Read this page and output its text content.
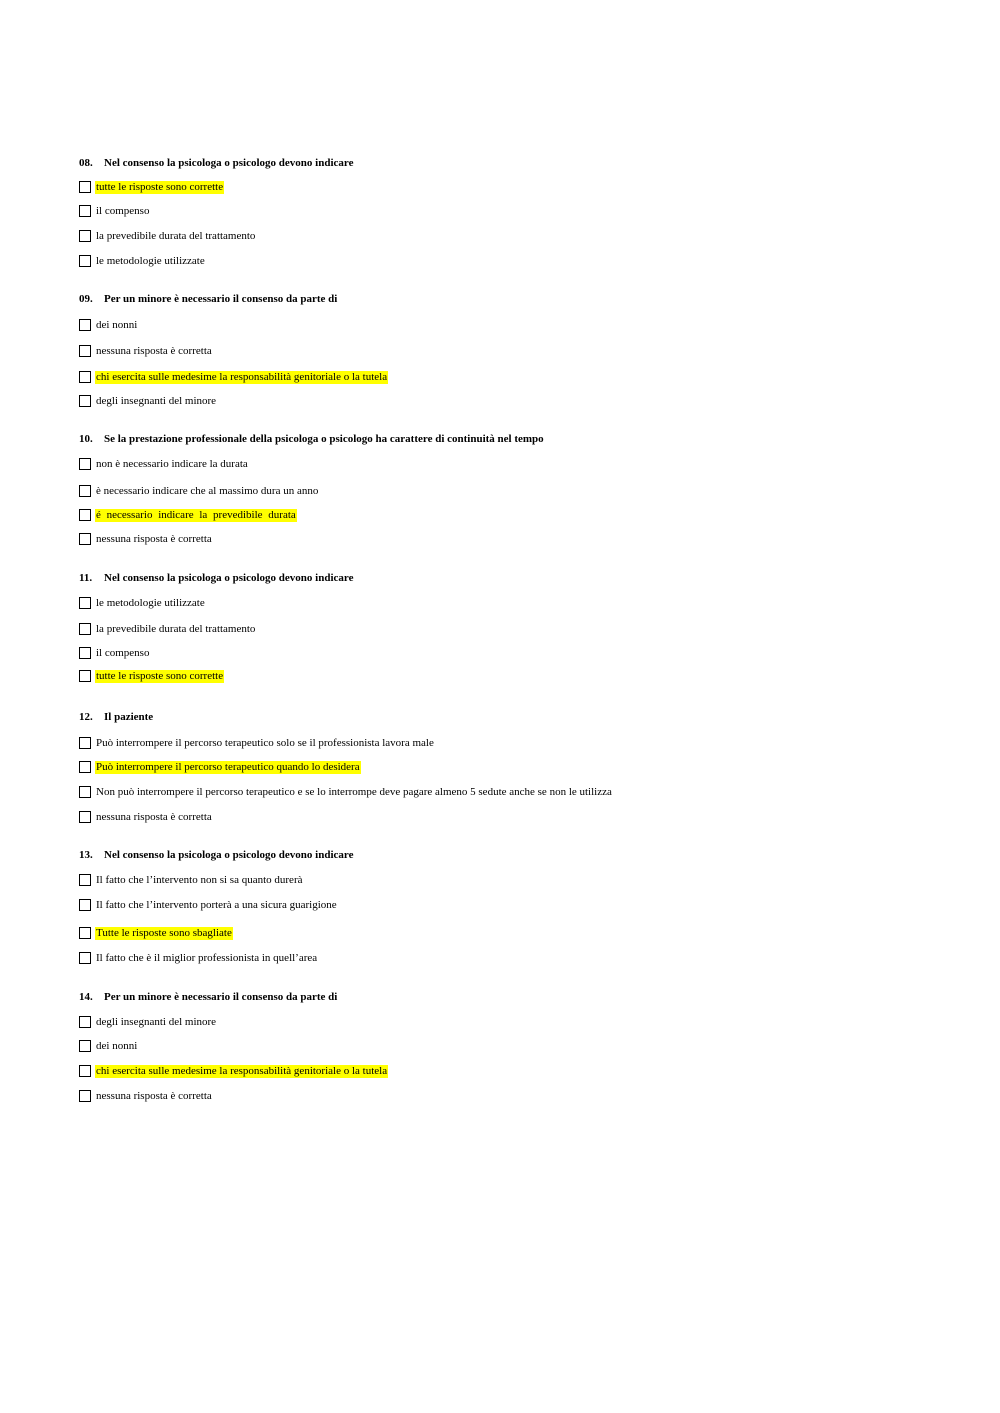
08. Nel consenso la psicologa o psicologo devono indicare
tutte le risposte sono corrette
il compenso
la prevedibile durata del trattamento
le metodologie utilizzate
09. Per un minore è necessario il consenso da parte di
dei nonni
nessuna risposta è corretta
chi esercita sulle medesime la responsabilità genitoriale o la tutela
degli insegnanti del minore
10. Se la prestazione professionale della psicologa o psicologo ha carattere di continuità nel tempo
non è necessario indicare la durata
è necessario indicare che al massimo dura un anno
é necessario indicare la prevedibile durata
nessuna risposta è corretta
11. Nel consenso la psicologa o psicologo devono indicare
le metodologie utilizzate
la prevedibile durata del trattamento
il compenso
tutte le risposte sono corrette
12. Il paziente
Può interrompere il percorso terapeutico solo se il professionista lavora male
Può interrompere il percorso terapeutico quando lo desidera
Non può interrompere il percorso terapeutico e se lo interrompe deve pagare almeno 5 sedute anche se non le utilizza
nessuna risposta è corretta
13. Nel consenso la psicologa o psicologo devono indicare
Il fatto che l’intervento non si sa quanto durerà
Il fatto che l’intervento porterà a una sicura guarigione
Tutte le risposte sono sbagliate
Il fatto che è il miglior professionista in quell’area
14. Per un minore è necessario il consenso da parte di
degli insegnanti del minore
dei nonni
chi esercita sulle medesime la responsabilità genitoriale o la tutela
nessuna risposta è corretta
